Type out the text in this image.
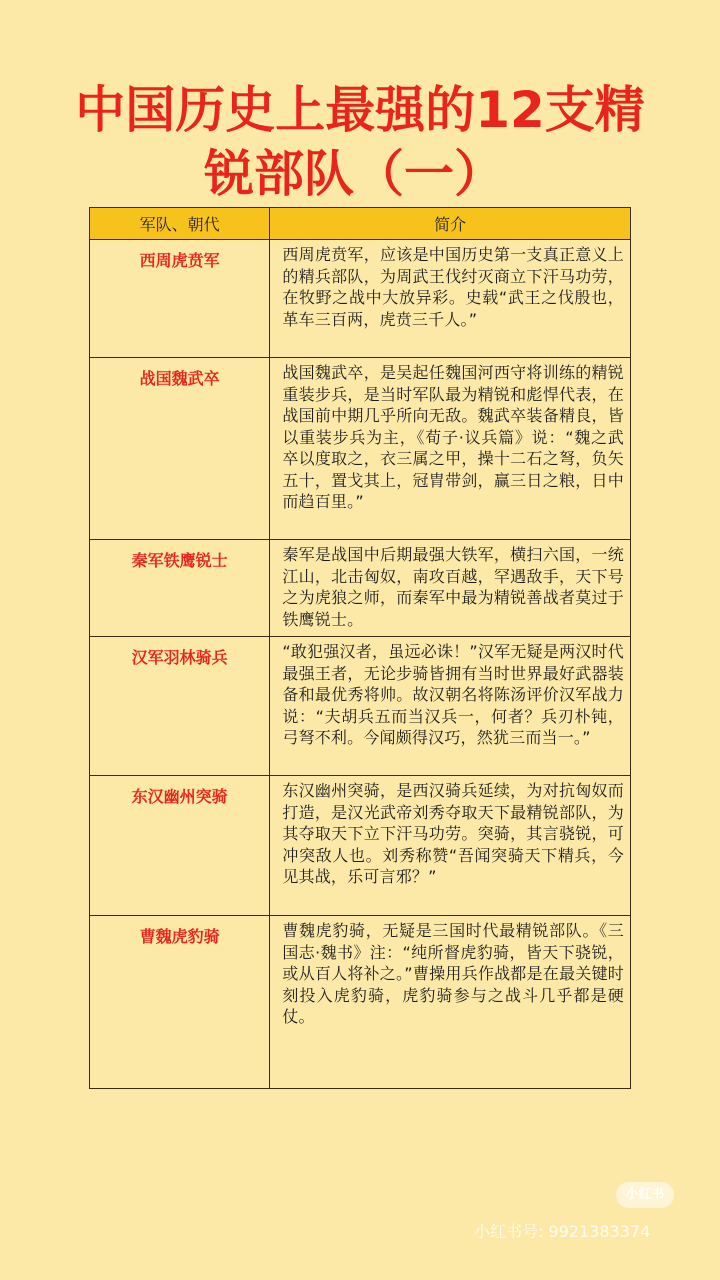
中国历史上最强的12支精
锐部队（一）
军队、朝代	简介
西周虎贲军	西周虎贲军，应该是中国历史第一支真正意义上的精兵部队，为周武王伐纣灭商立下汗马功劳，在牧野之战中大放异彩。史载“武王之伐殷也，革车三百两，虎贲三千人。”
战国魏武卒	战国魏武卒，是吴起任魏国河西守将训练的精锐重装步兵，是当时军队最为精锐和彪悍代表，在战国前中期几乎所向无敌。魏武卒装备精良，皆以重装步兵为主，《荀子·议兵篇》说：“魏之武卒以度取之，衣三属之甲，操十二石之弩，负矢五十，置戈其上，冠胄带剑，赢三日之粮，日中而趋百里。”
秦军铁鹰锐士	秦军是战国中后期最强大铁军，横扫六国，一统江山，北击匈奴，南攻百越，罕遇敌手，天下号之为虎狼之师，而秦军中最为精锐善战者莫过于铁鹰锐士。
汉军羽林骑兵	“敢犯强汉者，虽远必诛！”汉军无疑是两汉时代最强王者，无论步骑皆拥有当时世界最好武器装备和最优秀将帅。故汉朝名将陈汤评价汉军战力说：“夫胡兵五而当汉兵一，何者？兵刃朴钝，弓弩不利。今闻颇得汉巧，然犹三而当一。”
东汉幽州突骑	东汉幽州突骑，是西汉骑兵延续，为对抗匈奴而打造，是汉光武帝刘秀夺取天下最精锐部队，为其夺取天下立下汗马功劳。突骑，其言骁锐，可冲突敌人也。刘秀称赞“吾闻突骑天下精兵，今见其战，乐可言邪？”
曹魏虎豹骑	曹魏虎豹骑，无疑是三国时代最精锐部队。《三国志·魏书》注：“纯所督虎豹骑，皆天下骁锐，或从百人将补之。”曹操用兵作战都是在最关键时刻投入虎豹骑，虎豹骑参与之战斗几乎都是硬仗。
小红书
小红书号: 9921383374
